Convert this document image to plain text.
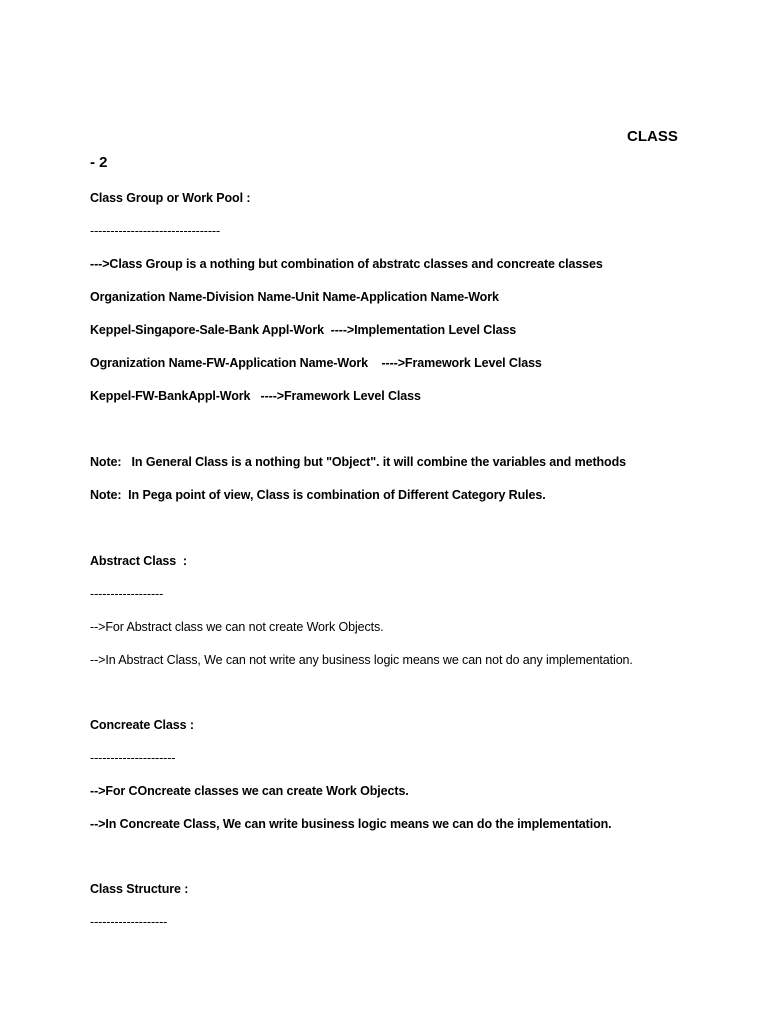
CLASS
- 2
Class Group or Work Pool :
--------------------------------
--->Class Group is a nothing but combination of abstratc classes and concreate classes
Organization Name-Division Name-Unit Name-Application Name-Work
Keppel-Singapore-Sale-Bank Appl-Work  ---->Implementation Level Class
Ogranization Name-FW-Application Name-Work    ---->Framework Level Class
Keppel-FW-BankAppl-Work   ---->Framework Level Class
Note:   In General Class is a nothing but "Object". it will combine the variables and methods
Note:  In Pega point of view, Class is combination of Different Category Rules.
Abstract Class  :
------------------
-->For Abstract class we can not create Work Objects.
-->In Abstract Class, We can not write any business logic means we can not do any implementation.
Concreate Class :
---------------------
-->For COncreate classes we can create Work Objects.
-->In Concreate Class, We can write business logic means we can do the implementation.
Class Structure :
-------------------
